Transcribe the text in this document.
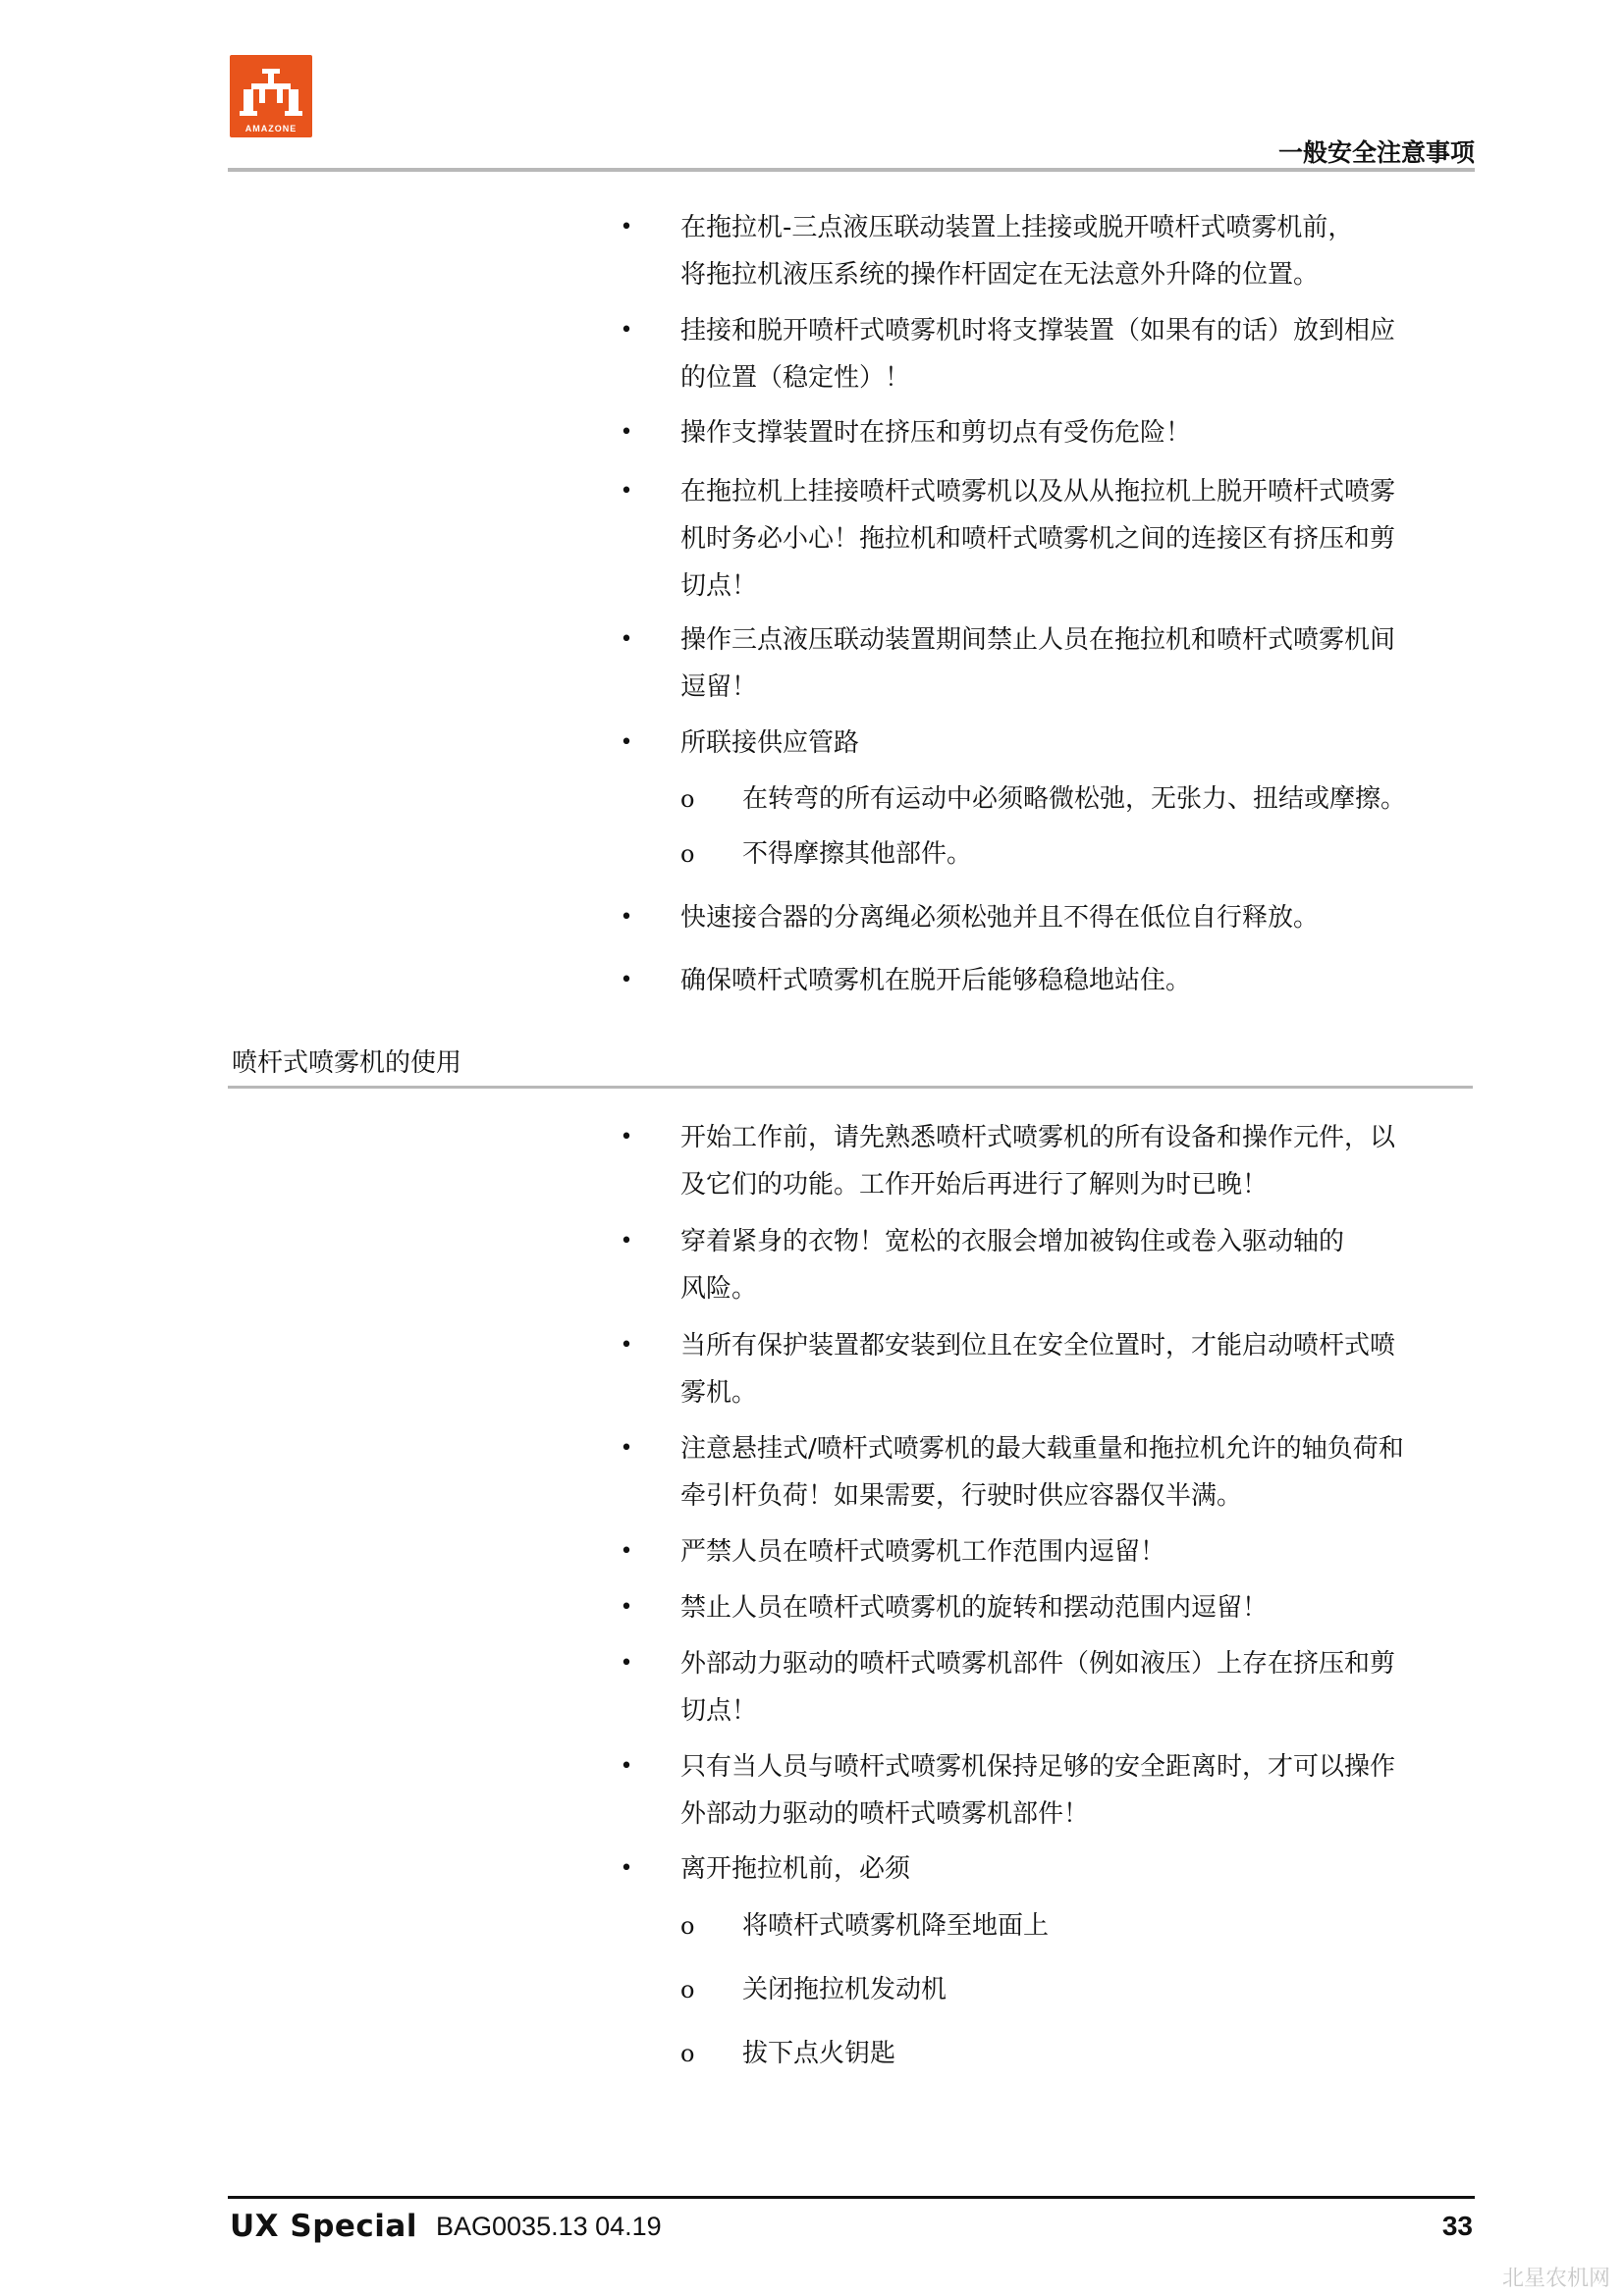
AMAZONE
一般安全注意事项
• 在拖拉机-三点液压联动装置上挂接或脱开喷杆式喷雾机前，
将拖拉机液压系统的操作杆固定在无法意外升降的位置。
• 挂接和脱开喷杆式喷雾机时将支撑装置（如果有的话）放到相应
的位置（稳定性）！
• 操作支撑装置时在挤压和剪切点有受伤危险！
• 在拖拉机上挂接喷杆式喷雾机以及从从拖拉机上脱开喷杆式喷雾
机时务必小心！拖拉机和喷杆式喷雾机之间的连接区有挤压和剪
切点！
• 操作三点液压联动装置期间禁止人员在拖拉机和喷杆式喷雾机间
逗留！
• 所联接供应管路
o 在转弯的所有运动中必须略微松弛，无张力、扭结或摩擦。
o 不得摩擦其他部件。
• 快速接合器的分离绳必须松弛并且不得在低位自行释放。
• 确保喷杆式喷雾机在脱开后能够稳稳地站住。
喷杆式喷雾机的使用
• 开始工作前，请先熟悉喷杆式喷雾机的所有设备和操作元件，以
及它们的功能。工作开始后再进行了解则为时已晚！
• 穿着紧身的衣物！宽松的衣服会增加被钩住或卷入驱动轴的
风险。
• 当所有保护装置都安装到位且在安全位置时，才能启动喷杆式喷
雾机。
• 注意悬挂式/喷杆式喷雾机的最大载重量和拖拉机允许的轴负荷和
牵引杆负荷！如果需要，行驶时供应容器仅半满。
• 严禁人员在喷杆式喷雾机工作范围内逗留！
• 禁止人员在喷杆式喷雾机的旋转和摆动范围内逗留！
• 外部动力驱动的喷杆式喷雾机部件（例如液压）上存在挤压和剪
切点！
• 只有当人员与喷杆式喷雾机保持足够的安全距离时，才可以操作
外部动力驱动的喷杆式喷雾机部件！
• 离开拖拉机前，必须
o 将喷杆式喷雾机降至地面上
o 关闭拖拉机发动机
o 拔下点火钥匙
UX Special BAG0035.13 04.19	33
北星农机网
